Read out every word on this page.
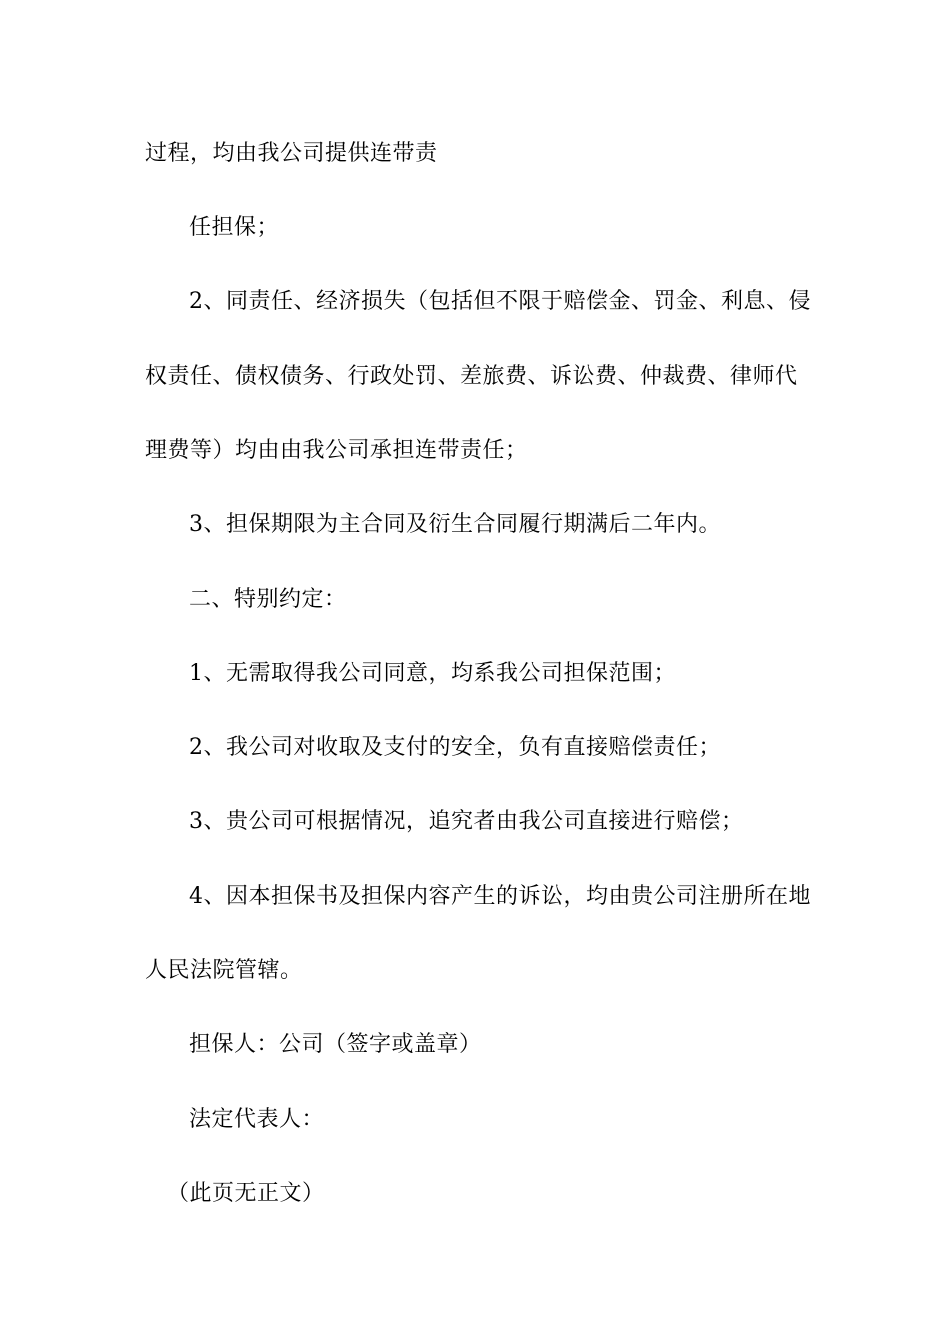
过程，均由我公司提供连带责
任担保；
2、同责任、经济损失（包括但不限于赔偿金、罚金、利息、侵
权责任、债权债务、行政处罚、差旅费、诉讼费、仲裁费、律师代
理费等）均由由我公司承担连带责任；
3、担保期限为主合同及衍生合同履行期满后二年内。
二、特别约定：
1、无需取得我公司同意，均系我公司担保范围；
2、我公司对收取及支付的安全，负有直接赔偿责任；
3、贵公司可根据情况，追究者由我公司直接进行赔偿；
4、因本担保书及担保内容产生的诉讼，均由贵公司注册所在地
人民法院管辖。
担保人：公司（签字或盖章）
法定代表人：
（此页无正文）
